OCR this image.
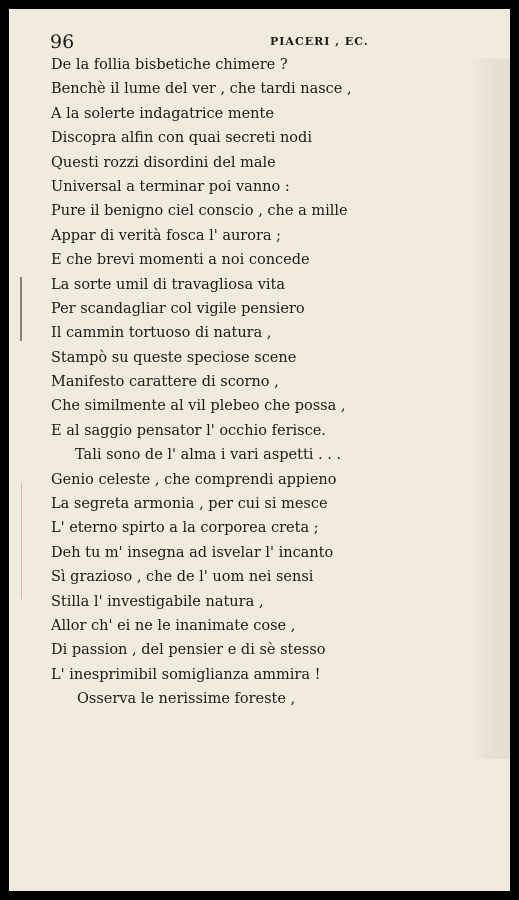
96	PIACERI , EC.
De la follia bisbetiche chimere ?
Benchè il lume del ver , che tardi nasce ,
A la solerte indagatrice mente
Discopra alfin con quai secreti nodi
Questi rozzi disordini del male
Universal a terminar poi vanno :
Pure il benigno ciel conscio , che a mille
Appar di verità fosca l' aurora ;
E che brevi momenti a noi concede
La sorte umil di travagliosa vita
Per scandagliar col vigile pensiero
Il cammin tortuoso di natura ,
Stampò su queste speciose scene
Manifesto carattere di scorno ,
Che similmente al vil plebeo che possa ,
E al saggio pensator l' occhio ferisce.
Tali sono de l' alma i vari aspetti . . .
Genio celeste , che comprendi appieno
La segreta armonia , per cui si mesce
L' eterno spirto a la corporea creta ;
Deh tu m' insegna ad isvelar l' incanto
Sì grazioso , che de l' uom nei sensi
Stilla l' investigabile natura ,
Allor ch' ei ne le inanimate cose ,
Di passion , del pensier e di sè stesso
L' inesprimibil somiglianza ammira !
Osserva le nerissime foreste ,
